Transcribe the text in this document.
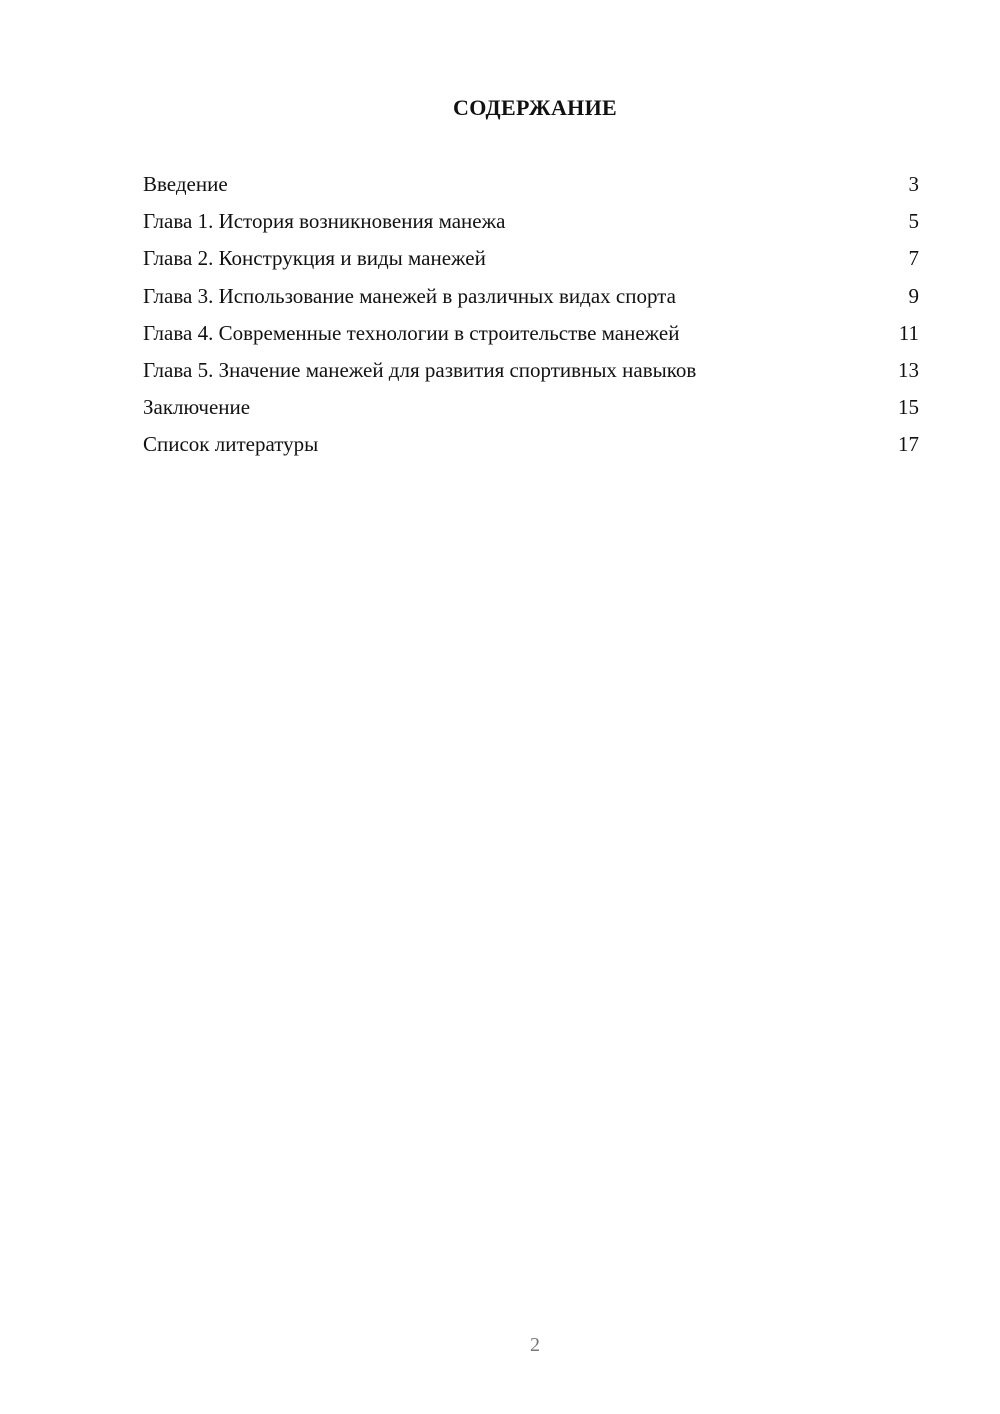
СОДЕРЖАНИЕ
Введение	3
Глава 1. История возникновения манежа	5
Глава 2. Конструкция и виды манежей	7
Глава 3. Использование манежей в различных видах спорта	9
Глава 4. Современные технологии в строительстве манежей	11
Глава 5. Значение манежей для развития спортивных навыков	13
Заключение	15
Список литературы	17
2
